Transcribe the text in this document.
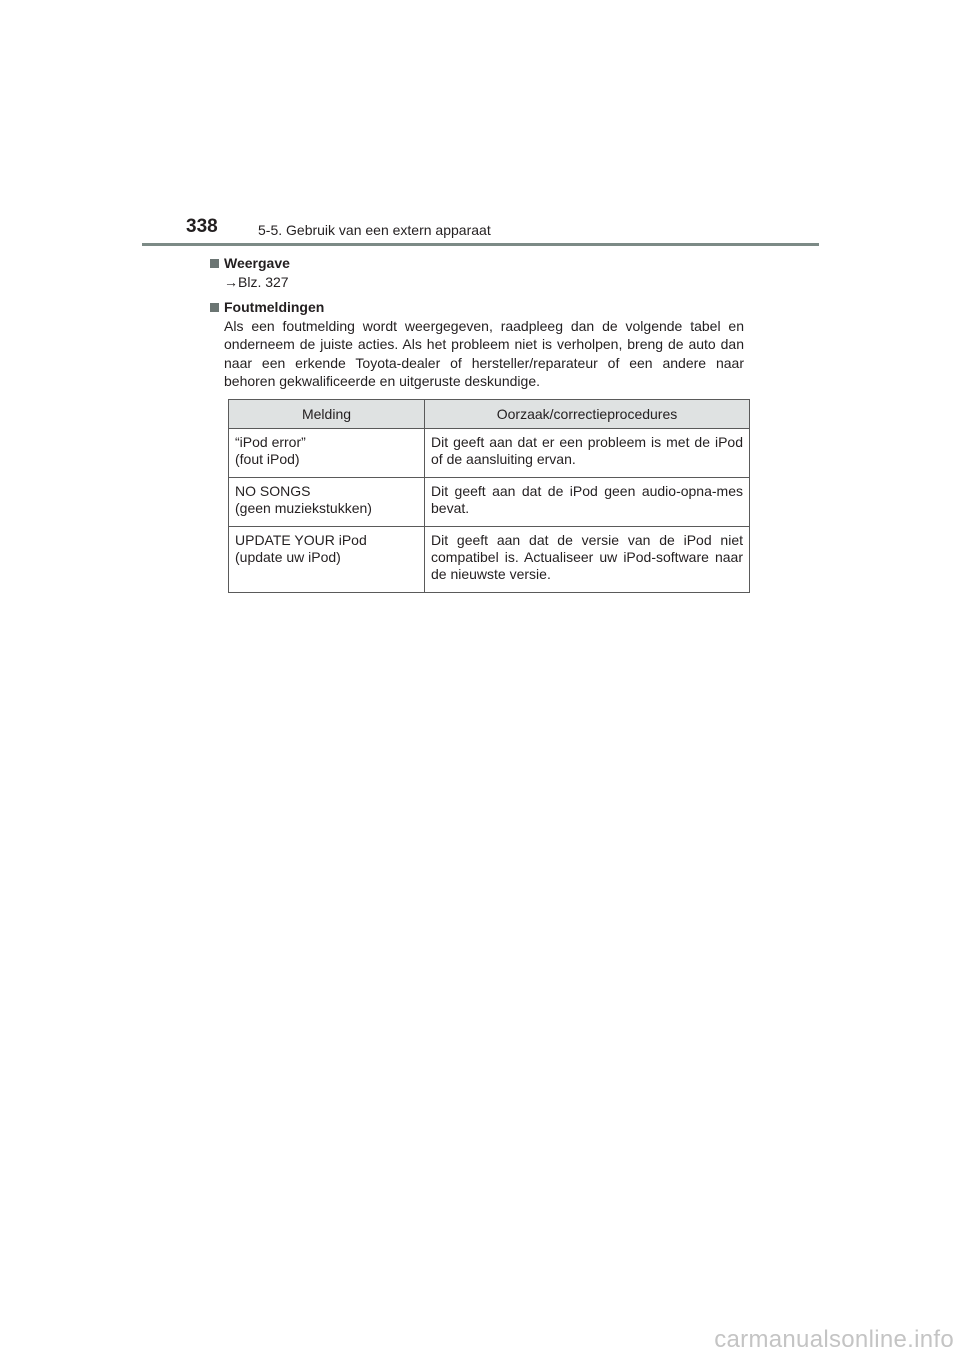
338	5-5. Gebruik van een extern apparaat
Weergave
→Blz. 327
Foutmeldingen
Als een foutmelding wordt weergegeven, raadpleeg dan de volgende tabel en onderneem de juiste acties. Als het probleem niet is verholpen, breng de auto dan naar een erkende Toyota-dealer of hersteller/reparateur of een andere naar behoren gekwalificeerde en uitgeruste deskundige.
Melding	Oorzaak/correctieprocedures

“iPod error”
(fout iPod)	Dit geeft aan dat er een probleem is met de iPod of de aansluiting ervan.

NO SONGS
(geen muziekstukken)	Dit geeft aan dat de iPod geen audio-opna-mes bevat.

UPDATE YOUR iPod
(update uw iPod)	Dit geeft aan dat de versie van de iPod niet compatibel is. Actualiseer uw iPod-software naar de nieuwste versie.
carmanualsonline.info
